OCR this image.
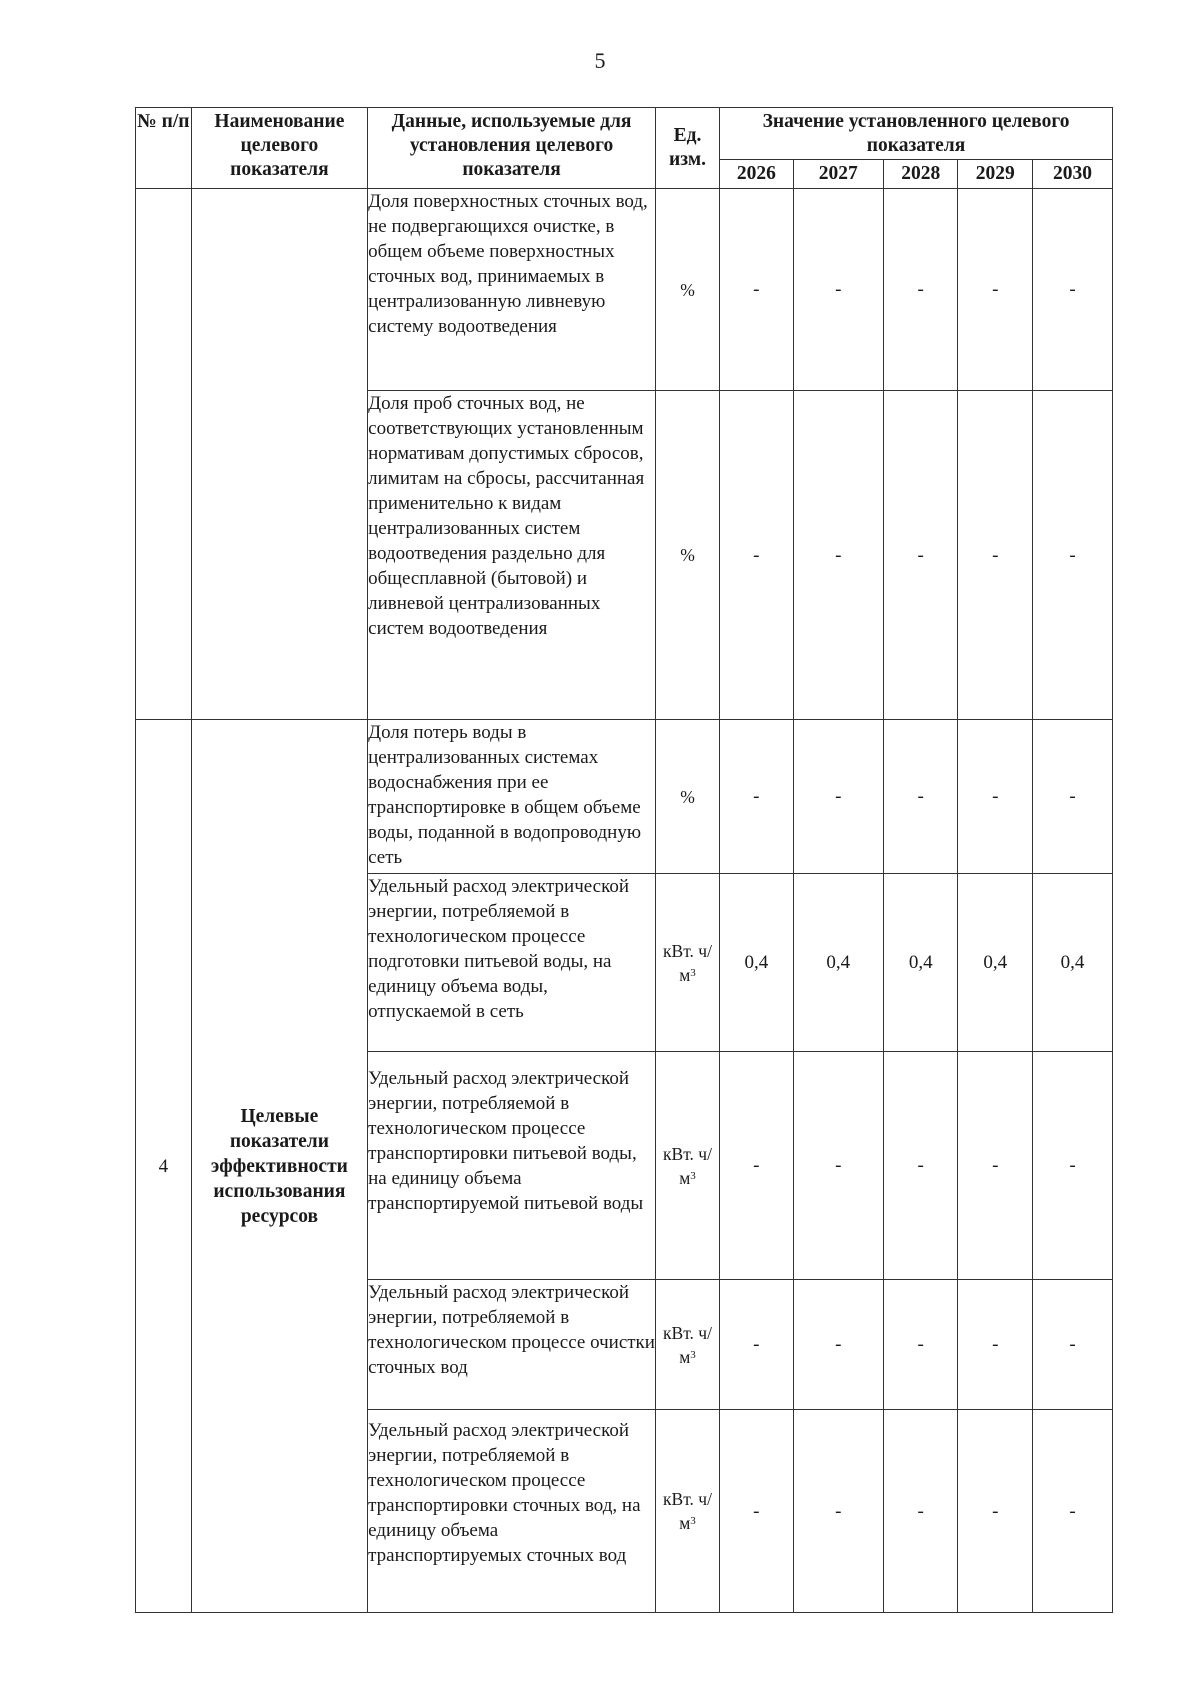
5
№ п/п	Наименование целевого показателя	Данные, используемые для установления целевого показателя	Ед. изм.	Значение установленного целевого показателя				
				2026	2027	2028	2029	2030
		Доля поверхностных сточных вод, не подвергающихся очистке, в общем объеме поверхностных сточных вод, принимаемых в централизованную ливневую систему водоотведения	%	-	-	-	-	-
		Доля проб сточных вод, не соответствующих установленным нормативам допустимых сбросов, лимитам на сбросы, рассчитанная применительно к видам централизованных систем водоотведения раздельно для общесплавной (бытовой) и ливневой централизованных систем водоотведения	%	-	-	-	-	-
4	Целевые показатели эффективности использования ресурсов	Доля потерь воды в централизованных системах водоснабжения при ее транспортировке в общем объеме воды, поданной в водопроводную сеть	%	-	-	-	-	-
		Удельный расход электрической энергии, потребляемой в технологическом процессе подготовки питьевой воды, на единицу объема воды, отпускаемой в сеть	кВт. $ч/м^3$	0,4	0,4	0,4	0,4	0,4
		Удельный расход электрической энергии, потребляемой в технологическом процессе транспортировки питьевой воды, на единицу объема транспортируемой питьевой воды	кВт. $ч/м^3$	-	-	-	-	-
		Удельный расход электрической энергии, потребляемой в технологическом процессе очистки сточных вод	кВт. $ч/м^3$	-	-	-	-	-
		Удельный расход электрической энергии, потребляемой в технологическом процессе транспортировки сточных вод, на единицу объема транспортируемых сточных вод	кВт. $ч/м^3$	-	-	-	-	-
